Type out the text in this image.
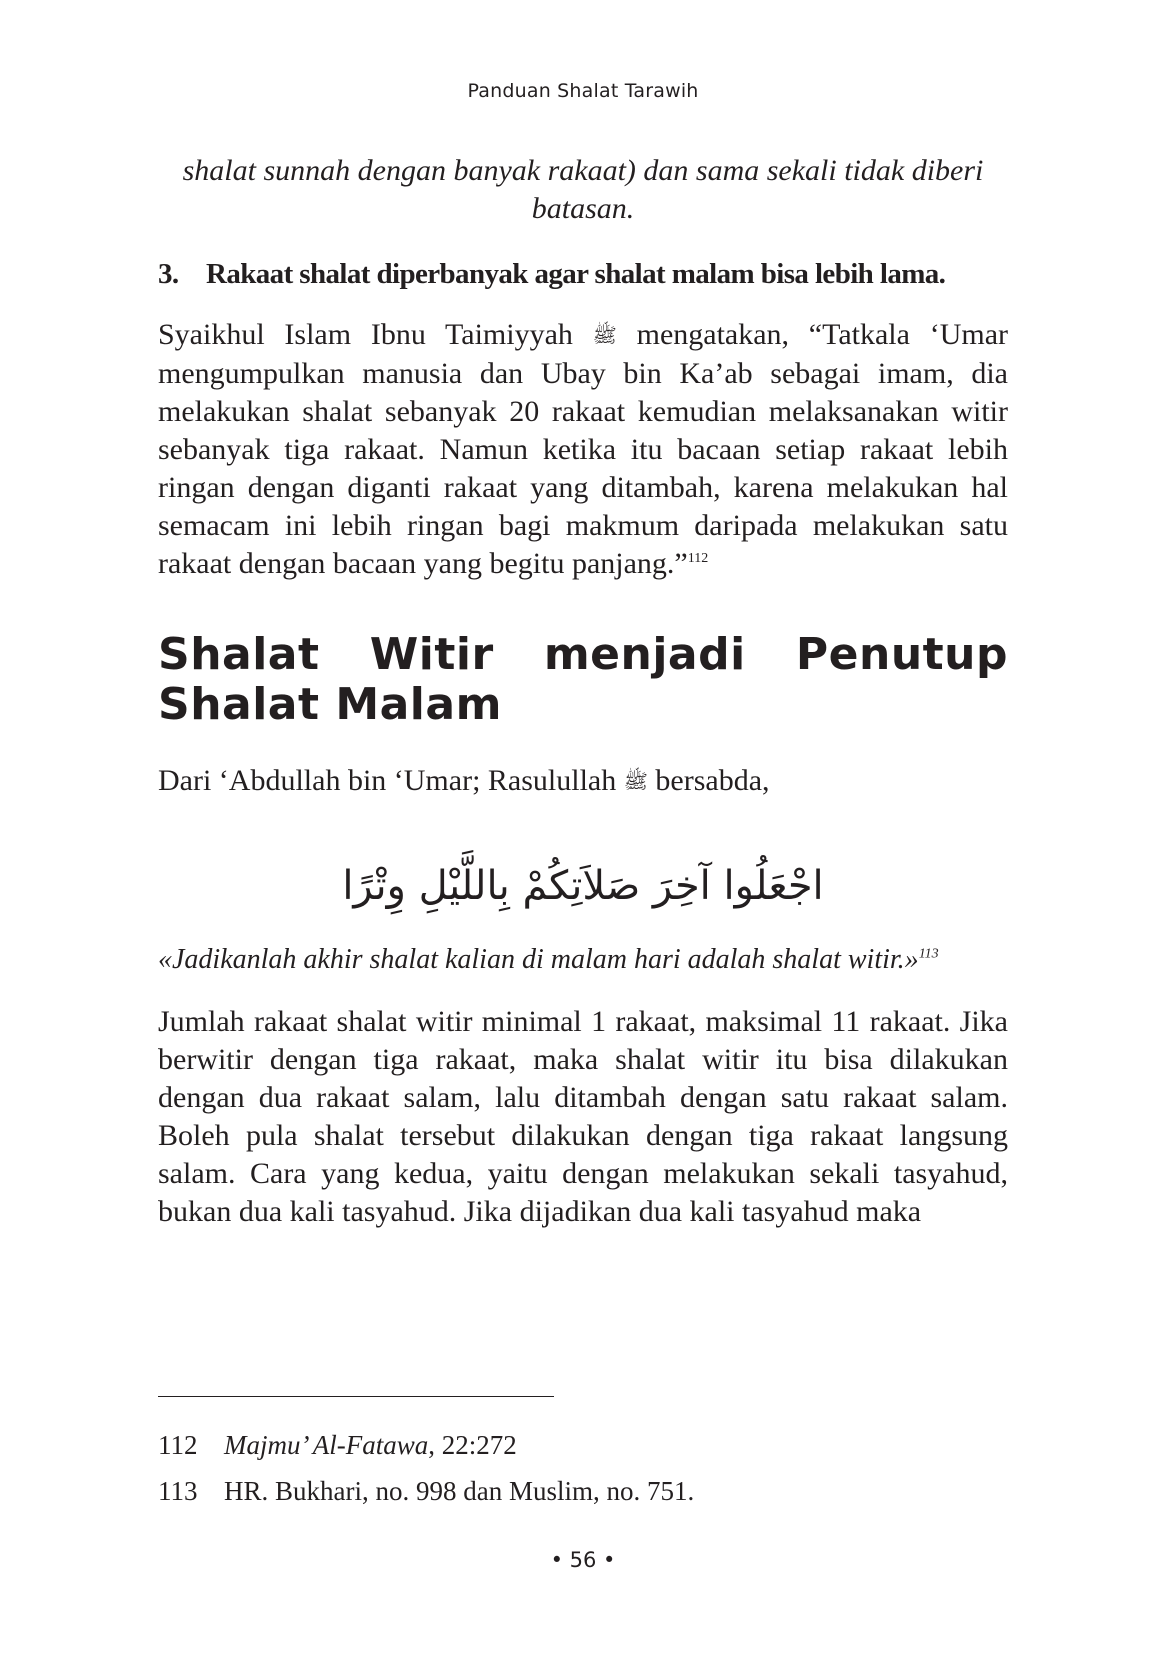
Panduan Shalat Tarawih

shalat sunnah dengan banyak rakaat) dan sama sekali tidak diberi

batasan.

3. Rakaat shalat diperbanyak agar shalat malam bisa lebih lama.

Syaikhul Islam Ibnu Taimiyyah ﷺ mengatakan, “Tatkala ‘Umar mengumpulkan manusia dan Ubay bin Ka’ab sebagai imam, dia melakukan shalat sebanyak 20 rakaat kemudian melaksanakan witir sebanyak tiga rakaat. Namun ketika itu bacaan setiap rakaat lebih ringan dengan diganti rakaat yang ditambah, karena melakukan hal semacam ini lebih ringan bagi makmum daripada melakukan satu rakaat dengan bacaan yang begitu panjang.”$^{112}$

Shalat Witir menjadi Penutup Shalat Malam

Dari ‘Abdullah bin ‘Umar; Rasulullah ﷺ bersabda,

اجْعَلُوا آخِرَ صَلاَتِكُمْ بِاللَّيْلِ وِتْرًا

«Jadikanlah akhir shalat kalian di malam hari adalah shalat witir.»$^{113}$

Jumlah rakaat shalat witir minimal 1 rakaat, maksimal 11 rakaat. Jika berwitir dengan tiga rakaat, maka shalat witir itu bisa dilakukan dengan dua rakaat salam, lalu ditambah dengan satu rakaat salam. Boleh pula shalat tersebut dilakukan dengan tiga rakaat langsung salam. Cara yang kedua, yaitu dengan melakukan sekali tasyahud, bukan dua kali tasyahud. Jika dijadikan dua kali tasyahud maka

112 Majmu’ Al-Fatawa, 22:272
113 HR. Bukhari, no. 998 dan Muslim, no. 751.
• 56 •
